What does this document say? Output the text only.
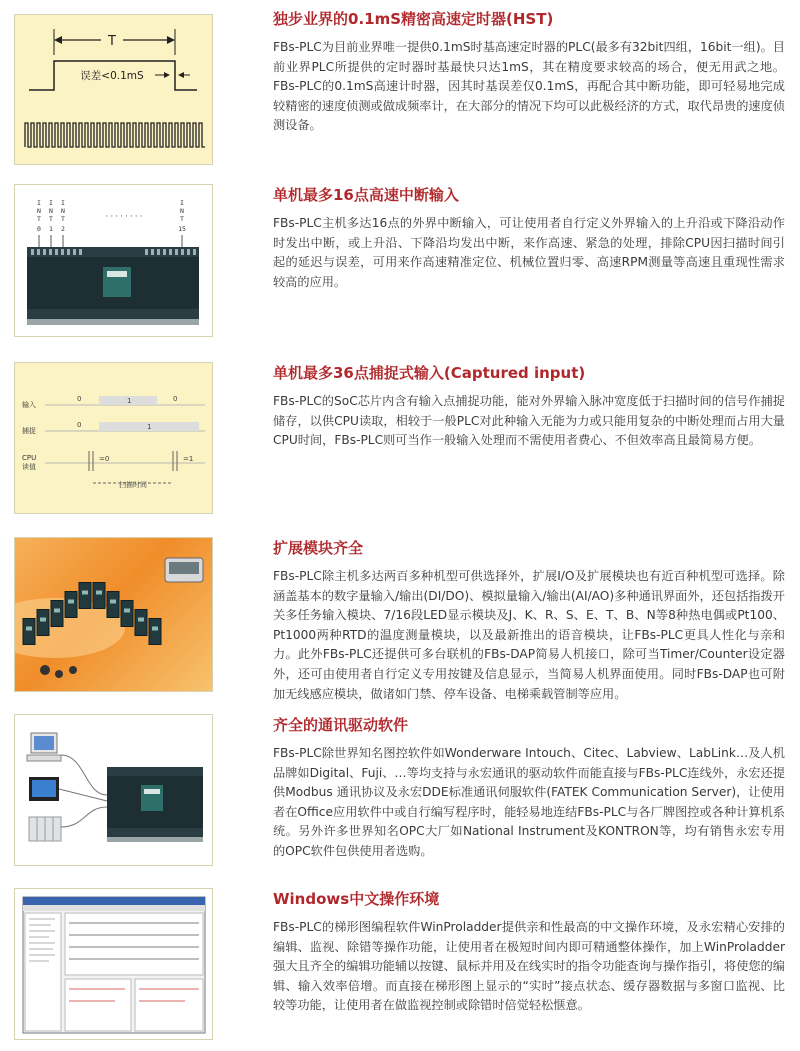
T
误差<0.1mS
独步业界的0.1mS精密高速定时器(HST)

FBs-PLC为目前业界唯一提供0.1mS时基高速定时器的PLC(最多有32bit四组，16bit一组)。目前业界PLC所提供的定时器时基最快只达1mS，其在精度要求较高的场合，便无用武之地。FBs-PLC的0.1mS高速计时器，因其时基误差仅0.1mS，再配合其中断功能，即可轻易地完成较精密的速度侦测或做成频率计，在大部分的情况下均可以此极经济的方式，取代昂贵的速度侦测设备。

I
N
T
0
I
N
T
1
I
N
T
2
I
N
T
15
········
单机最多16点高速中断输入

FBs-PLC主机多达16点的外界中断输入，可让使用者自行定义外界输入的上升沿或下降沿动作时发出中断，或上升沿、下降沿均发出中断，来作高速、紧急的处理，排除CPU因扫描时间引起的延迟与误差，可用来作高速精准定位、机械位置归零、高速RPM测量等高速且重现性需求较高的应用。

输入
捕捉
CPU
读值
0	1	0
0	1
=0	=1
扫描时间
单机最多36点捕捉式输入(Captured input)

FBs-PLC的SoC芯片内含有输入点捕捉功能，能对外界输入脉冲宽度低于扫描时间的信号作捕捉储存，以供CPU读取，相较于一般PLC对此种输入无能为力或只能用复杂的中断处理而占用大量CPU时间，FBs-PLC则可当作一般输入处理而不需使用者费心、不但效率高且最简易方便。

扩展模块齐全

FBs-PLC除主机多达两百多种机型可供选择外，扩展I/O及扩展模块也有近百种机型可选择。除涵盖基本的数字量输入/输出(DI/DO)、模拟量输入/输出(AI/AO)多种通讯界面外，还包括指拨开关多任务输入模块、7/16段LED显示模块及J、K、R、S、E、T、B、N等8种热电偶或Pt100、Pt1000两种RTD的温度测量模块，以及最新推出的语音模块，让FBs-PLC更具人性化与亲和力。此外FBs-PLC还提供可多台联机的FBs-DAP简易人机接口，除可当Timer/Counter设定器外，还可由使用者自行定义专用按键及信息显示，当简易人机界面使用。同时FBs-DAP也可附加无线感应模块，做诸如门禁、停车设备、电梯乘载管制等应用。

齐全的通讯驱动软件

FBs-PLC除世界知名图控软件如Wonderware Intouch、Citec、Labview、LabLink…及人机品牌如Digital、Fuji、…等均支持与永宏通讯的驱动软件而能直接与FBs-PLC连线外，永宏还提供Modbus 通讯协议及永宏DDE标准通讯伺服软件(FATEK Communication Server)，让使用者在Office应用软件中或自行编写程序时，能轻易地连结FBs-PLC与各厂牌图控或各种计算机系统。另外许多世界知名OPC大厂如National Instrument及KONTRON等，均有销售永宏专用的OPC软件包供使用者选购。

Windows中文操作环境

FBs-PLC的梯形图编程软件WinProladder提供亲和性最高的中文操作环境，及永宏精心安排的编辑、监视、除错等操作功能，让使用者在极短时间内即可精通整体操作，加上WinProladder强大且齐全的编辑功能辅以按键、鼠标并用及在线实时的指令功能查询与操作指引，将使您的编辑、输入效率倍增。而直接在梯形图上显示的“实时”接点状态、缓存器数据与多窗口监视、比较等功能，让使用者在做监视控制或除错时倍觉轻松惬意。
